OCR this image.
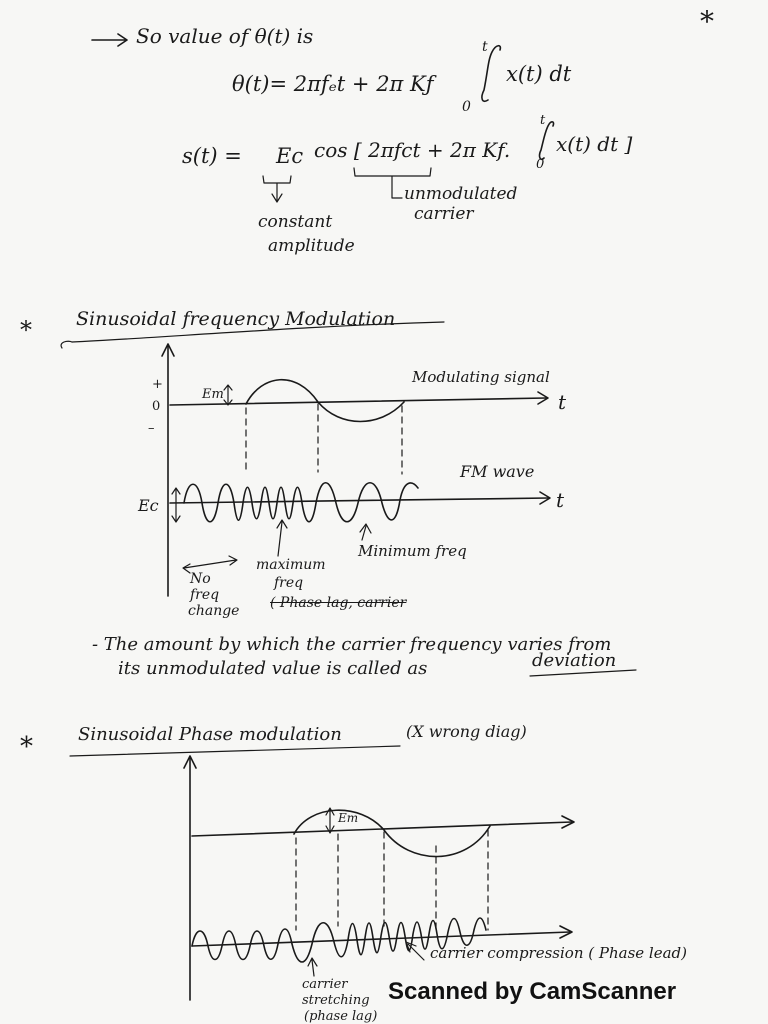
So value of θ(t) is	*
θ(t)= 2πfₑt + 2π Kƒ
t
0
x(t) dt
s(t) = Ec cos [ 2πfct + 2π Kf.
t
0
x(t) dt ]
unmodulated
carrier
constant
amplitude
* Sinusoidal frequency Modulation
+
0
–
Em
Modulating signal
t
Ec
FM wave
t
No
freq
change
maximum
freq
Minimum freq
( Phase lag, carrier
- The amount by which the carrier frequency varies from
its unmodulated value is called as	deviation
*	Sinusoidal Phase modulation	(X wrong diag)
Em
carrier compression ( Phase lead)
carrier
stretching
(phase lag)
Scanned by CamScanner
